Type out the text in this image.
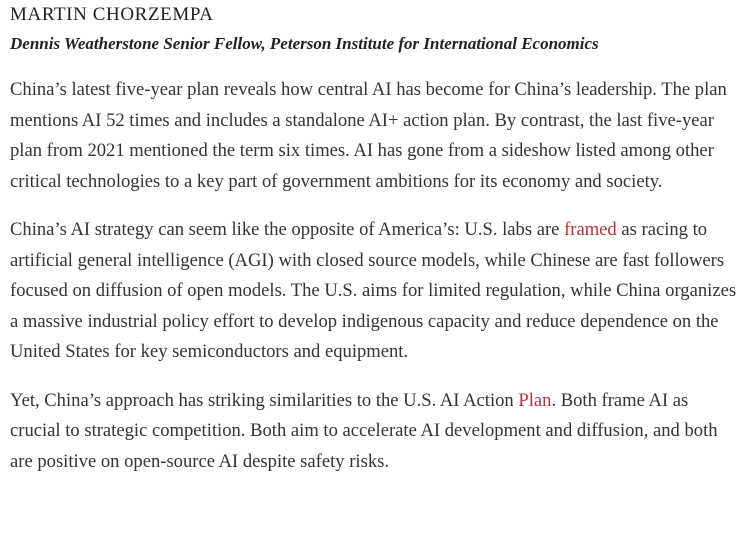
MARTIN CHORZEMPA

Dennis Weatherstone Senior Fellow, Peterson Institute for International Economics

China’s latest five-year plan reveals how central AI has become for China’s leadership. The plan mentions AI 52 times and includes a standalone AI+ action plan. By contrast, the last five-year plan from 2021 mentioned the term six times. AI has gone from a sideshow listed among other critical technologies to a key part of government ambitions for its economy and society.

China’s AI strategy can seem like the opposite of America’s: U.S. labs are framed as racing to artificial general intelligence (AGI) with closed source models, while Chinese are fast followers focused on diffusion of open models. The U.S. aims for limited regulation, while China organizes a massive industrial policy effort to develop indigenous capacity and reduce dependence on the United States for key semiconductors and equipment.

Yet, China’s approach has striking similarities to the U.S. AI Action Plan. Both frame AI as crucial to strategic competition. Both aim to accelerate AI development and diffusion, and both are positive on open-source AI despite safety risks.
